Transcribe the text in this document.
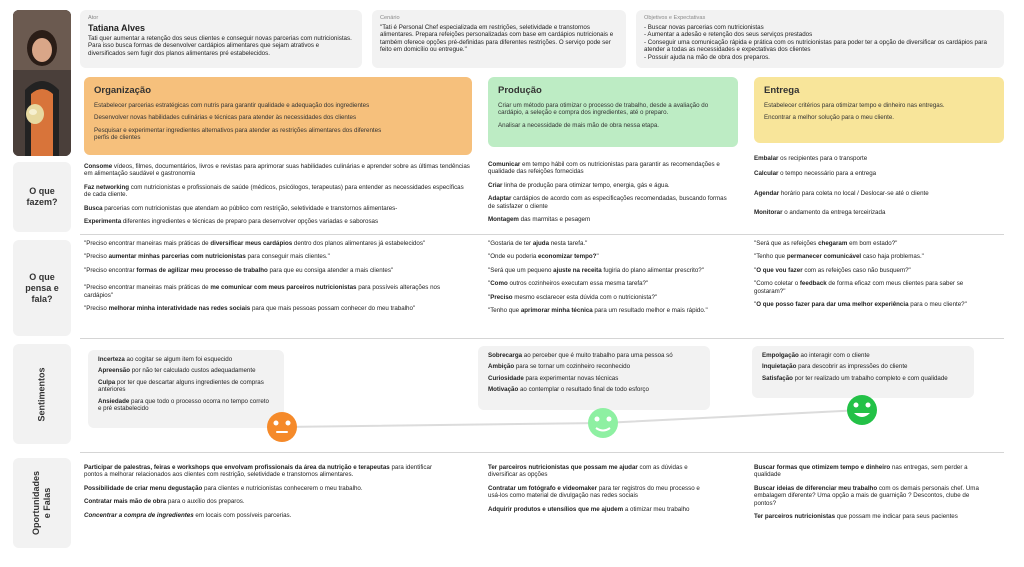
Ator
Tatiana Alves
Tati quer aumentar a retenção dos seus clientes e conseguir novas parcerias com nutricionistas. Para isso busca formas de desenvolver cardápios alimentares que sejam atrativos e diversificados sem fugir dos planos alimentares pré estabelecidos.
Cenário
"Tati é Personal Chef especializada em restrições, seletividade e transtornos alimentares. Prepara refeições personalizadas com base em cardápios nutricionais e também oferece opções pré-definidas para diferentes restrições. O serviço pode ser feito em domicílio ou entregue."
Objetivos e Expectativas
- Buscar novas parcerias com nutricionistas
- Aumentar a adesão e retenção dos seus serviços prestados
- Conseguir uma comunicação rápida e prática com os nutricionistas para poder ter a opção de diversificar os cardápios para atender a todas as necessidades e expectativas dos clientes
- Possuir ajuda na mão de obra dos preparos.
Organização

Estabelecer parcerias estratégicas com nutris para garantir qualidade e adequação dos ingredientes

Desenvolver novas habilidades culinárias e técnicas para atender às necessidades dos clientes

Pesquisar e experimentar ingredientes alternativos para atender as restrições alimentares dos diferentes perfis de clientes

Produção

Criar um método para otimizar o processo de trabalho, desde a avaliação do cardápio, a seleção e compra dos ingredientes, até o preparo.

Analisar a necessidade de mais mão de obra nessa etapa.

Entrega

Estabelecer critérios para otimizar tempo e dinheiro nas entregas.

Encontrar a melhor solução para o meu cliente.

O que
fazem?
O que
pensa e
fala?
Sentimentos
Oportunidades
e Falas

Consome vídeos, filmes, documentários, livros e revistas para aprimorar suas habilidades culinárias e aprender sobre as últimas tendências em alimentação saudável e gastronomia

Faz networking com nutricionistas e profissionais de saúde (médicos, psicólogos, terapeutas) para entender as necessidades específicas de cada cliente.

Busca parcerias com nutricionistas que atendam ao público com restrição, seletividade e transtornos alimentares-

Experimenta diferentes ingredientes e técnicas de preparo para desenvolver opções variadas e saborosas

Comunicar em tempo hábil com os nutricionistas para garantir as recomendações e qualidade das refeições fornecidas

Criar linha de produção para otimizar tempo, energia, gás e água.

Adaptar cardápios de acordo com as especificações recomendadas, buscando formas de satisfazer o cliente

Montagem das marmitas e pesagem

Embalar os recipientes para o transporte

Calcular o tempo necessário para a entrega

Agendar horário para coleta no local / Deslocar-se até o cliente

Monitorar o andamento da entrega terceirizada

"Preciso encontrar maneiras mais práticas de diversificar meus cardápios dentro dos planos alimentares já estabelecidos"

"Preciso aumentar minhas parcerias com nutricionistas para conseguir mais clientes."

"Preciso encontrar formas de agilizar meu processo de trabalho para que eu consiga atender a mais clientes"

"Preciso encontrar maneiras mais práticas de me comunicar com meus parceiros nutricionistas para possíveis alterações nos cardápios"

"Preciso melhorar minha interatividade nas redes sociais para que mais pessoas possam conhecer do meu trabalho"

"Gostaria de ter ajuda nesta tarefa."

"Onde eu poderia economizar tempo?"

"Será que um pequeno ajuste na receita fugiria do plano alimentar prescrito?"

"Como outros cozinheiros executam essa mesma tarefa?"

"Preciso mesmo esclarecer esta dúvida com o nutricionista?"

"Tenho que aprimorar minha técnica para um resultado melhor e mais rápido."

"Será que as refeições chegaram em bom estado?"

"Tenho que permanecer comunicável caso haja problemas."

"O que vou fazer com as refeições caso não busquem?"

"Como coletar o feedback de forma eficaz com meus clientes para saber se gostaram?"

"O que posso fazer para dar uma melhor experiência para o meu cliente?"

Incerteza ao cogitar se algum item foi esquecido

Apreensão por não ter calculado custos adequadamente

Culpa por ter que descartar alguns ingredientes de compras anteriores

Ansiedade para que todo o processo ocorra no tempo correto e pré estabelecido

Sobrecarga ao perceber que é muito trabalho para uma pessoa só

Ambição para se tornar um cozinheiro reconhecido

Curiosidade para experimentar novas técnicas

Motivação ao contemplar o resultado final de todo esforço

Empolgação ao interagir com o cliente

Inquietação para descobrir as impressões do cliente

Satisfação por ter realizado um trabalho completo e com qualidade

Participar de palestras, feiras e workshops que envolvam profissionais da área da nutrição e terapeutas para identificar pontos a melhorar relacionados aos clientes com restrição, seletividade e transtornos alimentares.

Possibilidade de criar menu degustação para clientes e nutricionistas conhecerem o meu trabalho.

Contratar mais mão de obra para o auxílio dos preparos.

Concentrar a compra de ingredientes em locais com possíveis parcerias.

Ter parceiros nutricionistas que possam me ajudar com as dúvidas e diversificar as opções

Contratar um fotógrafo e videomaker para ter registros do meu processo e usá-los como material de divulgação nas redes sociais

Adquirir produtos e utensílios que me ajudem a otimizar meu trabalho

Buscar formas que otimizem tempo e dinheiro nas entregas, sem perder a qualidade

Buscar ideias de diferenciar meu trabalho com os demais personais chef. Uma embalagem diferente? Uma opção a mais de guarnição ? Descontos, clube de pontos?

Ter parceiros nutricionistas que possam me indicar para seus pacientes
